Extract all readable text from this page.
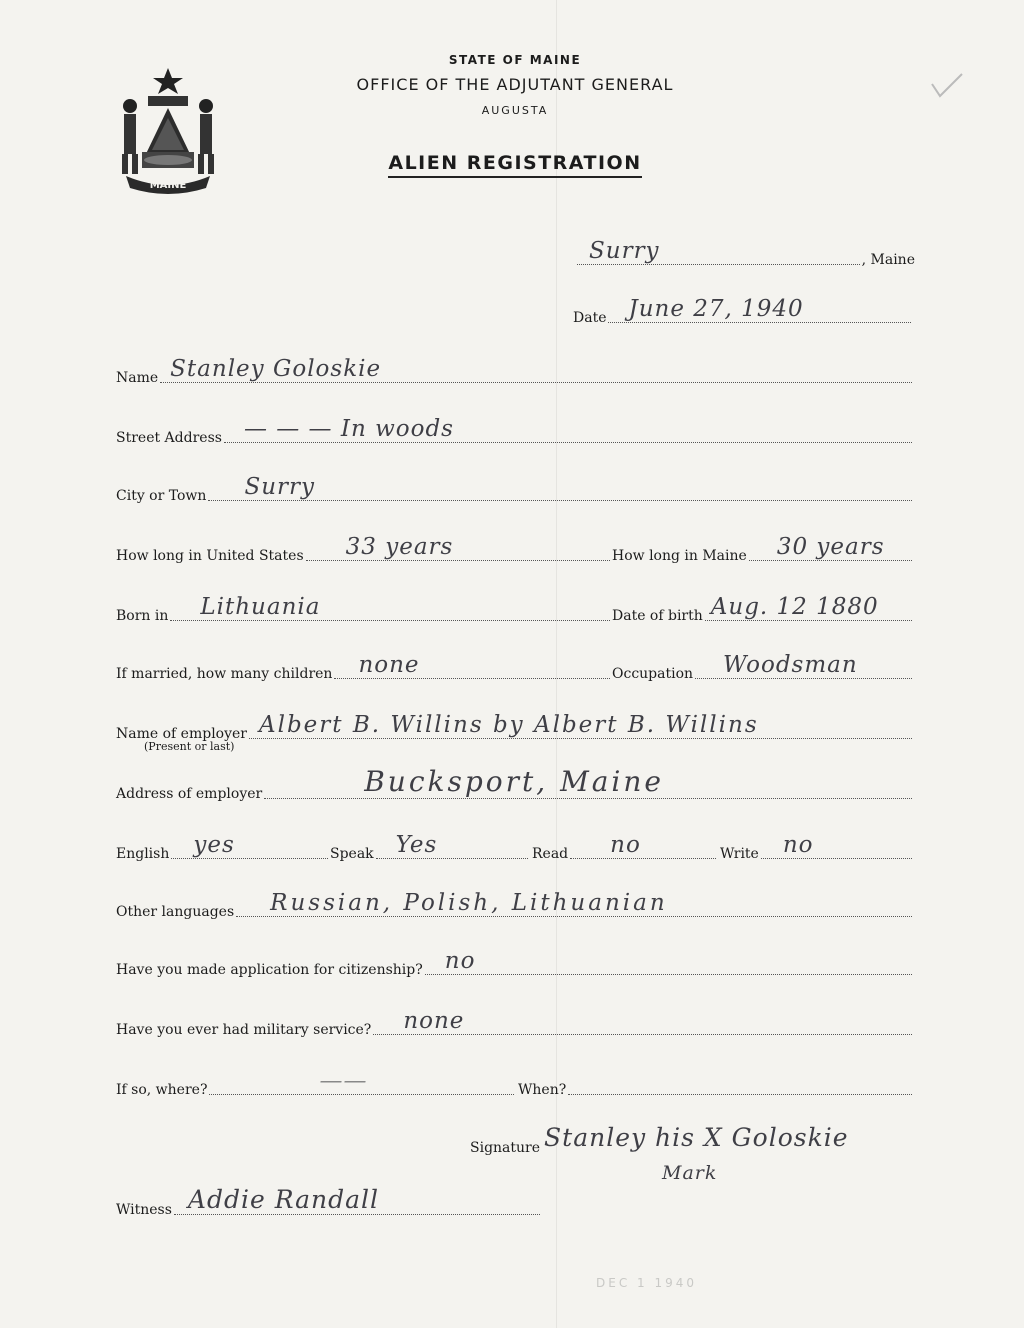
MAINE
STATE OF MAINE
OFFICE OF THE ADJUTANT GENERAL
AUGUSTA
ALIEN REGISTRATION
Surry	, Maine
Date June 27, 1940
Name Stanley Goloskie
Street Address — — — In woods
City or Town Surry
How long in United States 33 years	How long in Maine 30 years
Born in Lithuania	Date of birth Aug. 12 1880
If married, how many children none	Occupation Woodsman
Name of employer Albert B. Willins by Albert B. Willins
(Present or last)
Address of employer	Bucksport, Maine
English yes	Speak Yes	Read no	Write no
Other languages Russian, Polish, Lithuanian
Have you made application for citizenship? no
Have you ever had military service? none
If so, where?	——	When?
Signature Stanley his X Goloskie
Mark
Witness Addie Randall
DEC 1 1940
